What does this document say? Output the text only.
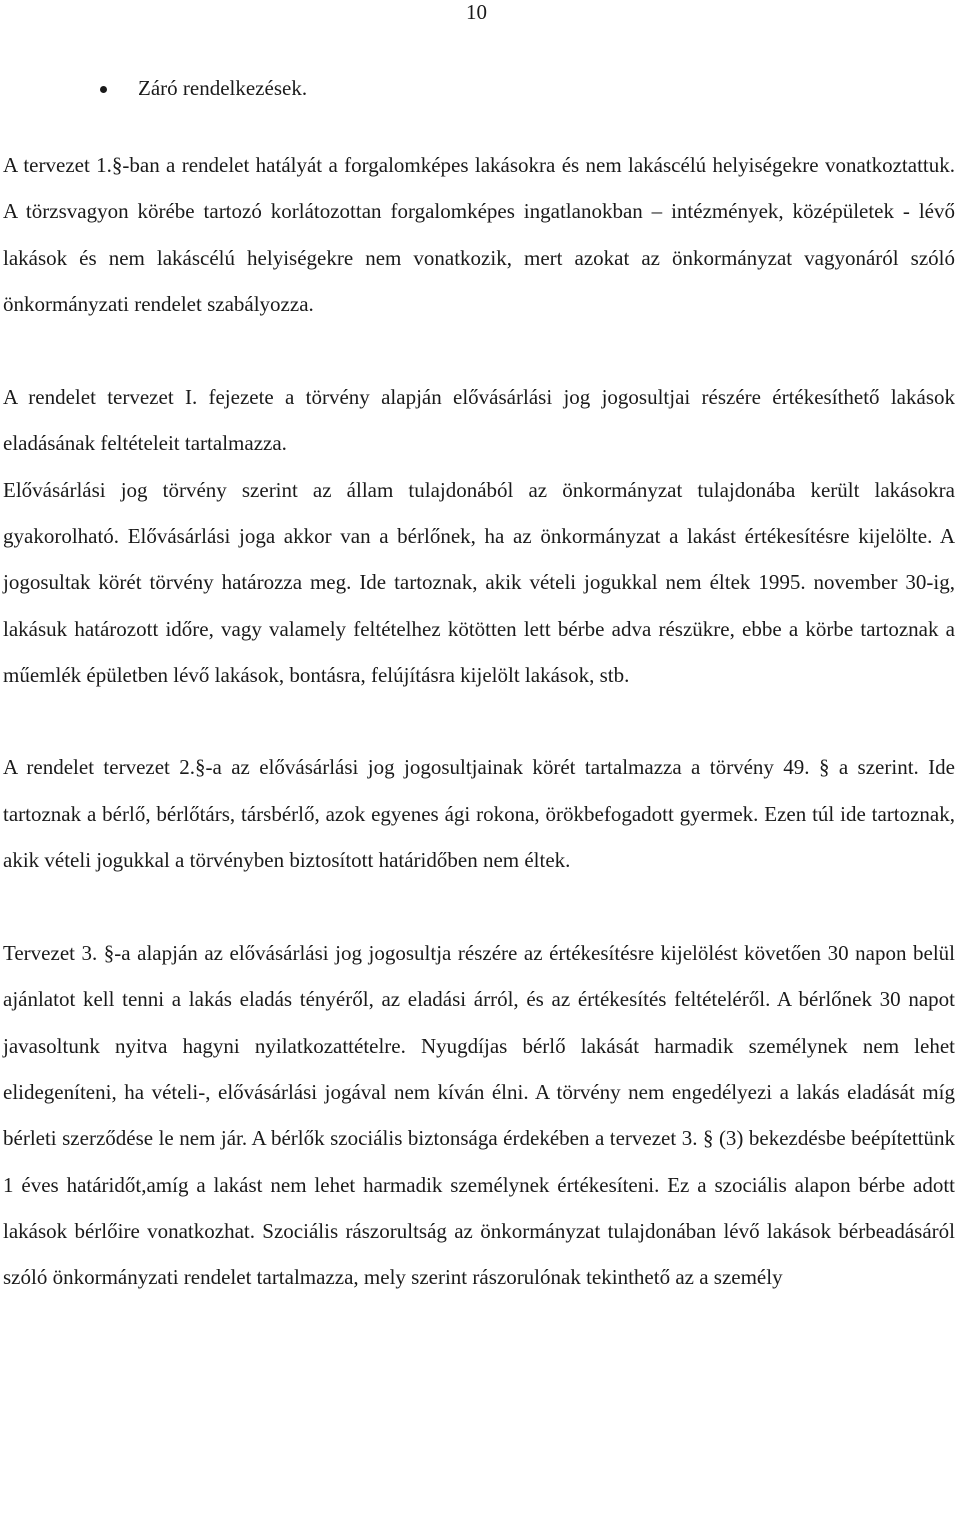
10
Záró rendelkezések.

A tervezet 1.§-ban a rendelet hatályát a forgalomképes lakásokra és nem lakáscélú helyiségekre vonatkoztattuk. A törzsvagyon körébe tartozó korlátozottan forgalomképes ingatlanokban – intézmények, középületek - lévő lakások és nem lakáscélú helyiségekre nem vonatkozik, mert azokat az önkormányzat vagyonáról szóló önkormányzati rendelet szabályozza.

A rendelet tervezet I. fejezete a törvény alapján elővásárlási jog jogosultjai részére értékesíthető lakások eladásának feltételeit tartalmazza.

Elővásárlási jog törvény szerint az állam tulajdonából az önkormányzat tulajdonába került lakásokra gyakorolható. Elővásárlási joga akkor van a bérlőnek, ha az önkormányzat a lakást értékesítésre kijelölte. A jogosultak körét törvény határozza meg. Ide tartoznak, akik vételi jogukkal nem éltek 1995. november 30-ig, lakásuk határozott időre, vagy valamely feltételhez kötötten lett bérbe adva részükre, ebbe a körbe tartoznak a műemlék épületben lévő lakások, bontásra, felújításra kijelölt lakások, stb.

A rendelet tervezet 2.§-a az elővásárlási jog jogosultjainak körét tartalmazza a törvény 49. § a szerint. Ide tartoznak a bérlő, bérlőtárs, társbérlő, azok egyenes ági rokona, örökbefogadott gyermek. Ezen túl ide tartoznak, akik vételi jogukkal a törvényben biztosított határidőben nem éltek.

Tervezet 3. §-a alapján az elővásárlási jog jogosultja részére az értékesítésre kijelölést követően 30 napon belül ajánlatot kell tenni a lakás eladás tényéről, az eladási árról, és az értékesítés feltételéről. A bérlőnek 30 napot javasoltunk nyitva hagyni nyilatkozattételre. Nyugdíjas bérlő lakását harmadik személynek nem lehet elidegeníteni, ha vételi-, elővásárlási jogával nem kíván élni. A törvény nem engedélyezi a lakás eladását míg bérleti szerződése le nem jár. A bérlők szociális biztonsága érdekében a tervezet 3. § (3) bekezdésbe beépítettünk 1 éves határidőt,amíg a lakást nem lehet harmadik személynek értékesíteni. Ez a szociális alapon bérbe adott lakások bérlőire vonatkozhat. Szociális rászorultság az önkormányzat tulajdonában lévő lakások bérbeadásáról szóló önkormányzati rendelet tartalmazza, mely szerint rászorulónak tekinthető az a személy
